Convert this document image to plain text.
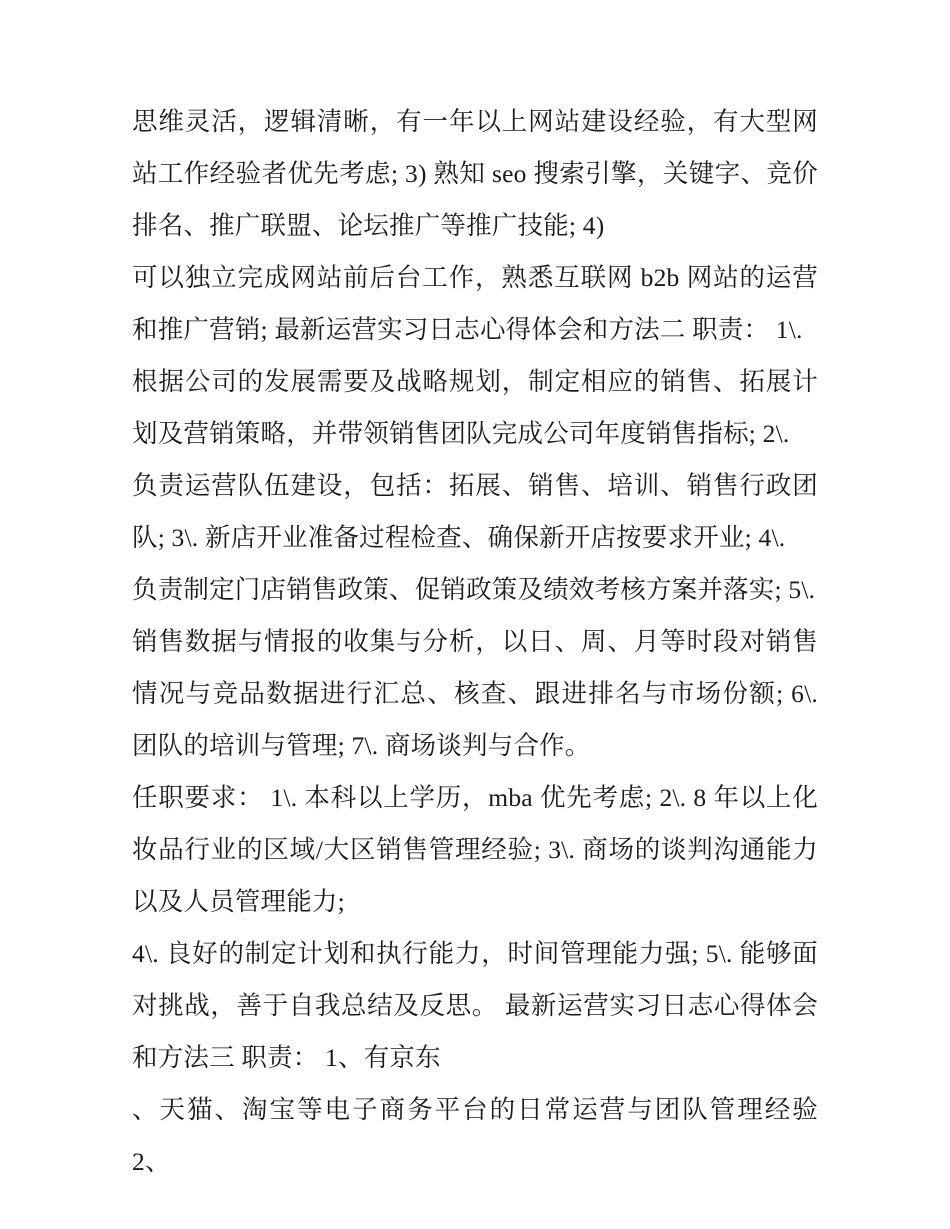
思维灵活，逻辑清晰，有一年以上网站建设经验，有大型网站工作经验者优先考虑; 3) 熟知 seo 搜索引擎，关键字、竞价排名、推广联盟、论坛推广等推广技能; 4)

可以独立完成网站前后台工作，熟悉互联网 b2b 网站的运营和推广营销; 最新运营实习日志心得体会和方法二 职责： 1\.

根据公司的发展需要及战略规划，制定相应的销售、拓展计划及营销策略，并带领销售团队完成公司年度销售指标; 2\.

负责运营队伍建设，包括：拓展、销售、培训、销售行政团队; 3\. 新店开业准备过程检查、确保新开店按要求开业; 4\.

负责制定门店销售政策、促销政策及绩效考核方案并落实; 5\.

销售数据与情报的收集与分析，以日、周、月等时段对销售情况与竞品数据进行汇总、核查、跟进排名与市场份额; 6\. 团队的培训与管理; 7\. 商场谈判与合作。

任职要求： 1\. 本科以上学历，mba 优先考虑; 2\. 8 年以上化妆品行业的区域/大区销售管理经验; 3\. 商场的谈判沟通能力以及人员管理能力;

4\. 良好的制定计划和执行能力，时间管理能力强; 5\. 能够面对挑战，善于自我总结及反思。 最新运营实习日志心得体会和方法三 职责： 1、有京东

、天猫、淘宝等电子商务平台的日常运营与团队管理经验 2、
